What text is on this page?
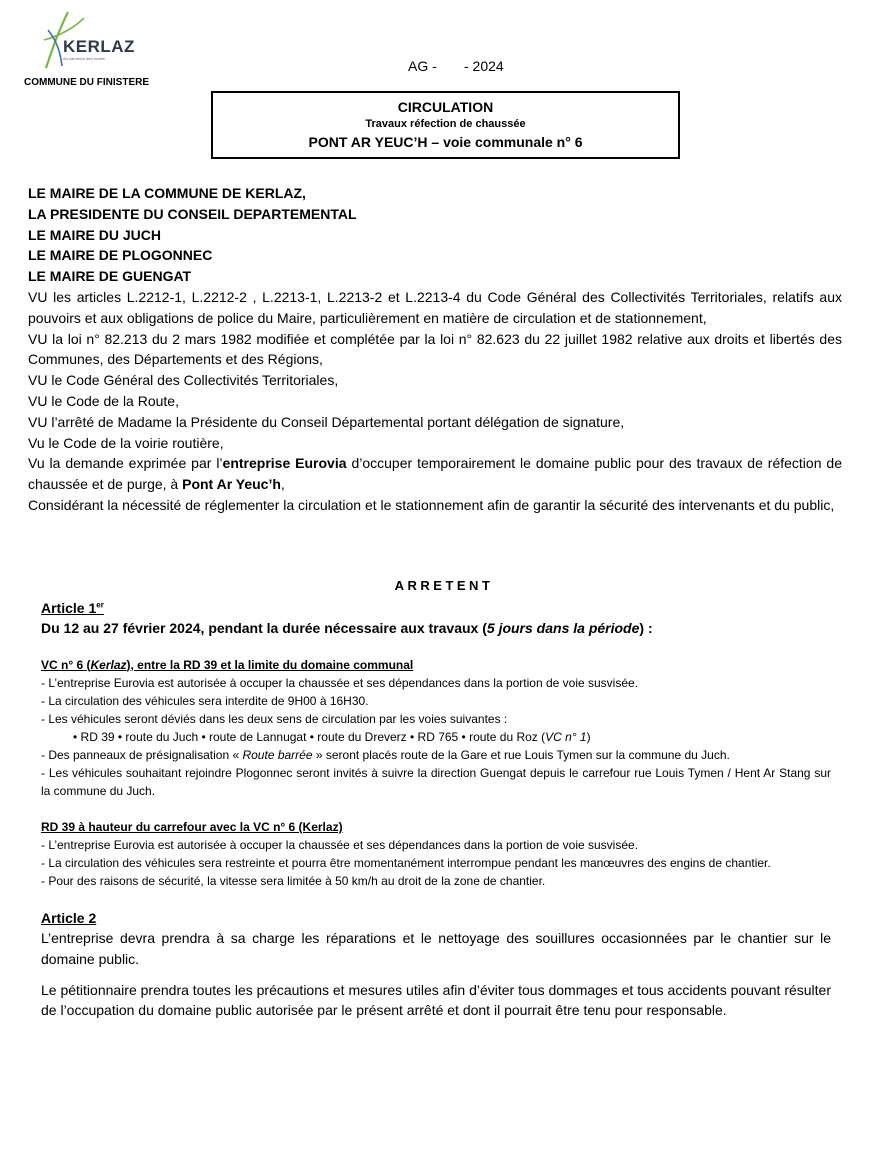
KERLAZ
Au carrefour des routes
COMMUNE DU FINISTERE
AG -       - 2024
CIRCULATION
Travaux réfection de chaussée
PONT AR YEUC’H – voie communale n° 6

LE MAIRE DE LA COMMUNE DE KERLAZ,

LA PRESIDENTE DU CONSEIL DEPARTEMENTAL

LE MAIRE DU JUCH

LE MAIRE DE PLOGONNEC

LE MAIRE DE GUENGAT

VU les articles L.2212-1, L.2212-2 , L.2213-1, L.2213-2 et L.2213-4 du Code Général des Collectivités Territoriales, relatifs aux pouvoirs et aux obligations de police du Maire, particulièrement en matière de circulation et de stationnement,

VU la loi n° 82.213 du 2 mars 1982 modifiée et complétée par la loi n° 82.623 du 22 juillet 1982 relative aux droits et libertés des Communes, des Départements et des Régions,

VU le Code Général des Collectivités Territoriales,

VU le Code de la Route,

VU l’arrêté de Madame la Présidente du Conseil Départemental portant délégation de signature,

Vu le Code de la voirie routière,

Vu la demande exprimée par l’entreprise Eurovia d’occuper temporairement le domaine public pour des travaux de réfection de chaussée et de purge, à Pont Ar Yeuc’h,

Considérant la nécessité de réglementer la circulation et le stationnement afin de garantir la sécurité des intervenants et du public,

ARRETENT
Article 1er
Du 12 au 27 février 2024, pendant la durée nécessaire aux travaux (5 jours dans la période) :

VC n° 6 (Kerlaz), entre la RD 39 et la limite du domaine communal

- L’entreprise Eurovia est autorisée à occuper la chaussée et ses dépendances dans la portion de voie susvisée.

- La circulation des véhicules sera interdite de 9H00 à 16H30.

- Les véhicules seront déviés dans les deux sens de circulation par les voies suivantes :

• RD 39 • route du Juch • route de Lannugat • route du Dreverz • RD 765 • route du Roz (VC n° 1)

- Des panneaux de présignalisation « Route barrée » seront placés route de la Gare et rue Louis Tymen sur la commune du Juch.

- Les véhicules souhaitant rejoindre Plogonnec seront invités à suivre la direction Guengat depuis le carrefour rue Louis Tymen / Hent Ar Stang sur la commune du Juch.

RD 39 à hauteur du carrefour avec la VC n° 6 (Kerlaz)

- L’entreprise Eurovia est autorisée à occuper la chaussée et ses dépendances dans la portion de voie susvisée.

- La circulation des véhicules sera restreinte et pourra être momentanément interrompue pendant les manœuvres des engins de chantier.

- Pour des raisons de sécurité, la vitesse sera limitée à 50 km/h au droit de la zone de chantier.

Article 2

L’entreprise devra prendra à sa charge les réparations et le nettoyage des souillures occasionnées par le chantier sur le domaine public.

Le pétitionnaire prendra toutes les précautions et mesures utiles afin d’éviter tous dommages et tous accidents pouvant résulter de l’occupation du domaine public autorisée par le présent arrêté et dont il pourrait être tenu pour responsable.
